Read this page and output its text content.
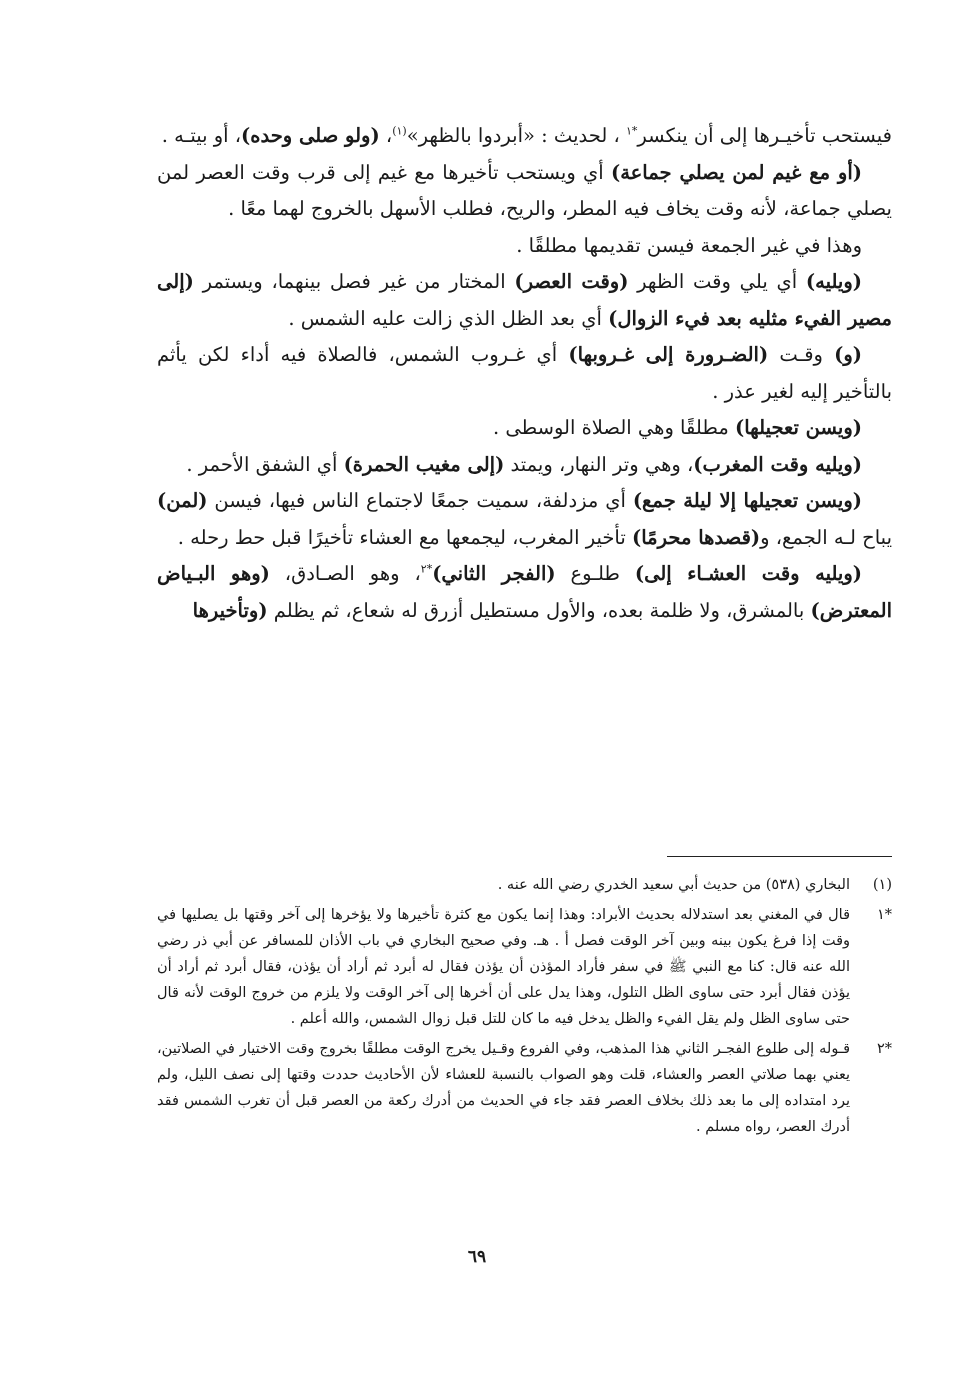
فيستحب تأخيـرها إلى أن ينكسر$^{*١}$ ، لحديث : «أبردوا بالظهر»$^{(١)}$، (ولو صلى وحده)، أو بيتـه .

(أو مع غيم لمن يصلي جماعة) أي ويستحب تأخيرها مع غيم إلى قرب وقت العصر لمن يصلي جماعة، لأنه وقت يخاف فيه المطر، والريح، فطلب الأسهل بالخروج لهما معًا .

وهذا في غير الجمعة فيسن تقديمها مطلقًا .

(ويليه) أي يلي وقت الظهر (وقت العصر) المختار من غير فصل بينهما، ويستمر (إلى مصير الفيء مثليه بعد فيء الزوال) أي بعد الظل الذي زالت عليه الشمس .

(و) وقـت (الضـرورة إلى غـروبها) أي غـروب الشمس، فالصلاة فيه أداء لكن يأثم بالتأخير إليه لغير عذر .

(ويسن تعجيلها) مطلقًا وهي الصلاة الوسطى .

(ويليه وقت المغرب)، وهي وتر النهار، ويمتد (إلى مغيب الحمرة) أي الشفق الأحمر .

(ويسن تعجيلها إلا ليلة جمع) أي مزدلفة، سميت جمعًا لاجتماع الناس فيها، فيسن (لمن) يباح لـه الجمع، و(قصدها محرمًا) تأخير المغرب، ليجمعها مع العشاء تأخيرًا قبل حط رحله .

(ويليه وقت العشـاء إلى) طلـوع (الفجر الثاني)$^{*٢}$، وهو الصـادق، (وهو البـياض المعترض) بالمشرق، ولا ظلمة بعده، والأول مستطيل أزرق له شعاع، ثم يظلم (وتأخيرها

(١)
البخاري (٥٣٨) من حديث أبي سعيد الخدري رضي الله عنه .
*١
قال في المغني بعد استدلاله بحديث الأبراد: وهذا إنما يكون مع كثرة تأخيرها ولا يؤخرها إلى آخر وقتها بل يصليها في وقت إذا فرغ يكون بينه وبين آخر الوقت فصل أ . هـ. وفي صحيح البخاري في باب الأذان للمسافر عن أبي ذر رضي الله عنه قال: كنا مع النبي ﷺ في سفر فأراد المؤذن أن يؤذن فقال له أبرد ثم أراد أن يؤذن، فقال أبرد ثم أراد أن يؤذن فقال أبرد حتى ساوى الظل التلول، وهذا يدل على أن أخرها إلى آخر الوقت ولا يلزم من خروج الوقت لأنه قال حتى ساوى الظل ولم يقل الفيء والظل يدخل فيه ما كان للتل قبل زوال الشمس، والله أعلم .
*٢
قـوله إلى طلوع الفجـر الثاني هذا المذهب، وفي الفروع وقـيل يخرج الوقت مطلقًا بخروج وقت الاختيار في الصلاتين، يعني بهما صلاتي العصر والعشاء، قلت وهو الصواب بالنسبة للعشاء لأن الأحاديث حددت وقتها إلى نصف الليل، ولم يرد امتداده إلى ما بعد ذلك بخلاف العصر فقد جاء في الحديث من أدرك ركعة من العصر قبل أن تغرب الشمس فقد أدرك العصر، رواه مسلم .
٦٩
